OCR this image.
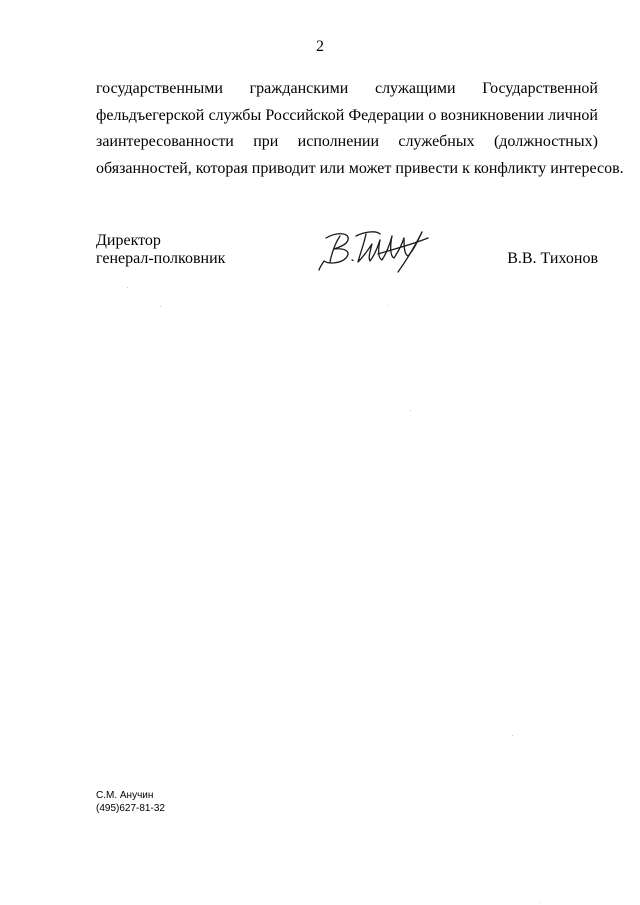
2
государственными гражданскими служащими Государственной
фельдъегерской службы Российской Федерации о возникновении личной
заинтересованности при исполнении служебных (должностных)
обязанностей, которая приводит или может привести к конфликту интересов.
Директор
генерал-полковник	В.В. Тихонов
С.М. Анучин
(495)627-81-32
